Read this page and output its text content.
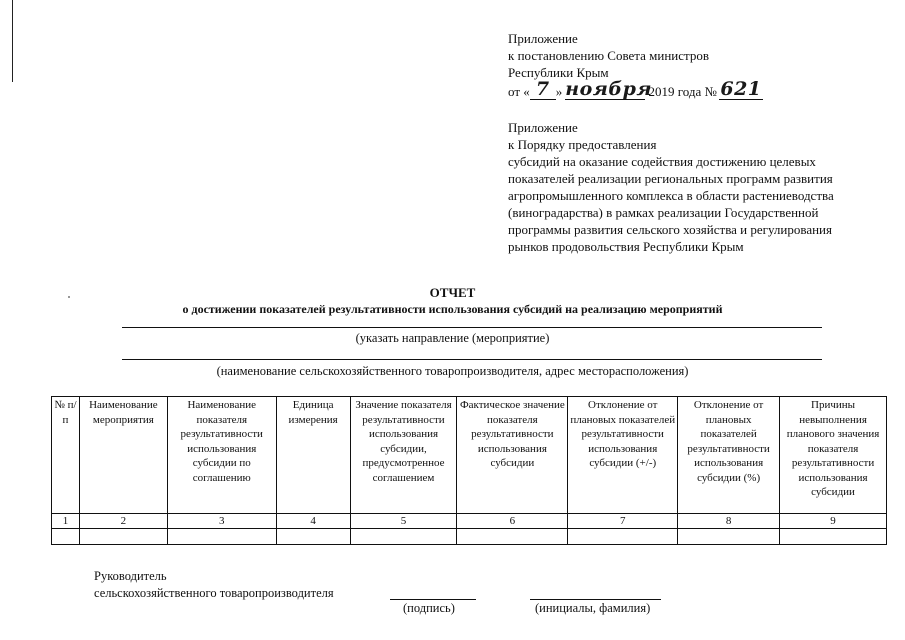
Приложение
к постановлению Совета министров
Республики Крым
от « 7 » ноября 2019 года № 621
Приложение
к Порядку предоставления
субсидий на оказание содействия достижению целевых
показателей реализации региональных программ развития
агропромышленного комплекса в области растениеводства
(виноградарства) в рамках реализации Государственной
программы развития сельского хозяйства и регулирования
рынков продовольствия Республики Крым
ОТЧЕТ
о достижении показателей результативности использования субсидий на реализацию мероприятий
(указать направление (мероприятие)
(наименование сельскохозяйственного товаропроизводителя, адрес месторасположения)
№ п/п	Наименование мероприятия	Наименование показателя результативности использования субсидии по соглашению	Единица измерения	Значение показателя результативности использования субсидии, предусмотренное соглашением	Фактическое значение показателя результативности использования субсидии	Отклонение от плановых показателей результативности использования субсидии (+/-)	Отклонение от плановых показателей результативности использования субсидии (%)	Причины невыполнения планового значения показателя результативности использования субсидии
1	2	3	4	5	6	7	8	9

Руководитель
сельскохозяйственного товаропроизводителя
(подпись)	(инициалы, фамилия)
